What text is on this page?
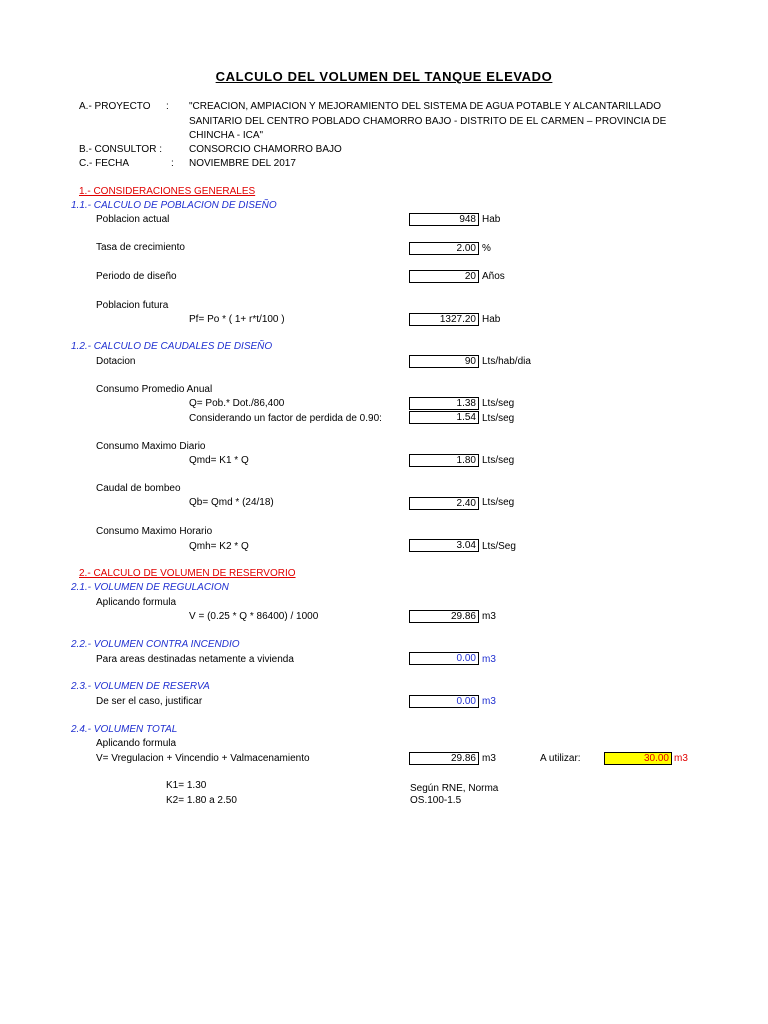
CALCULO DEL VOLUMEN DEL TANQUE ELEVADO
A.- PROYECTO : "CREACION, AMPIACION Y MEJORAMIENTO DEL SISTEMA DE AGUA POTABLE Y ALCANTARILLADO
SANITARIO DEL CENTRO POBLADO CHAMORRO BAJO - DISTRITO DE EL CARMEN – PROVINCIA DE
CHINCHA - ICA"
B.- CONSULTOR :	CONSORCIO CHAMORRO BAJO
C.- FECHA	: NOVIEMBRE DEL 2017
1.- CONSIDERACIONES GENERALES
1.1.- CALCULO DE POBLACION DE DISEÑO
Poblacion actual	948 Hab
Tasa de crecimiento	2.00 %
Periodo de diseño	20 Años
Poblacion futura
Pf= Po * ( 1+ r*t/100 )	1327.20 Hab
1.2.- CALCULO DE CAUDALES DE DISEÑO
Dotacion	90 Lts/hab/dia
Consumo Promedio Anual
Q= Pob.* Dot./86,400	1.38 Lts/seg
Considerando un factor de perdida de 0.90:	1.54 Lts/seg
Consumo Maximo Diario
Qmd= K1 * Q	1.80 Lts/seg
Caudal de bombeo
Qb= Qmd * (24/18)	2.40 Lts/seg
Consumo Maximo Horario
Qmh= K2 * Q	3.04 Lts/Seg
2.- CALCULO DE VOLUMEN DE RESERVORIO
2.1.- VOLUMEN DE REGULACION
Aplicando formula
V = (0.25 * Q * 86400) / 1000	29.86 m3
2.2.- VOLUMEN CONTRA INCENDIO
Para areas destinadas netamente a vivienda	0.00 m3
2.3.- VOLUMEN DE RESERVA
De ser el caso, justificar	0.00 m3
2.4.- VOLUMEN TOTAL
Aplicando formula
V= Vregulacion + Vincendio + Valmacenamiento	29.86 m3	A utilizar:	30.00 m3
K1= 1.30
K2= 1.80 a 2.50
Según RNE, Norma
OS.100-1.5
